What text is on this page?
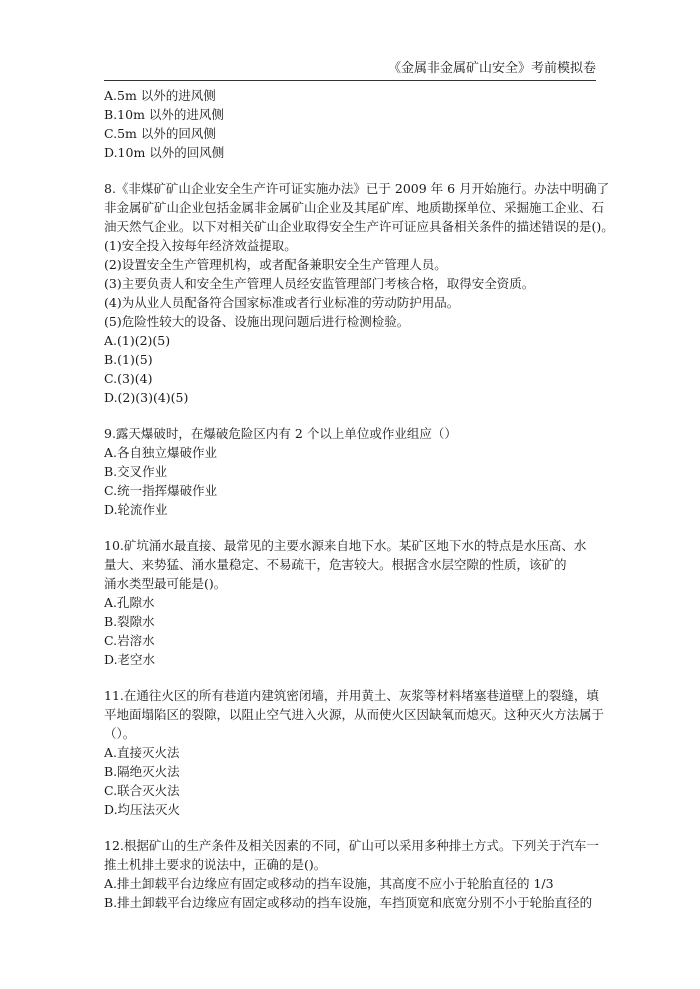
《金属非金属矿山安全》考前模拟卷
A.5m 以外的进风侧
B.10m 以外的进风侧
C.5m 以外的回风侧
D.10m 以外的回风侧
8.《非煤矿矿山企业安全生产许可证实施办法》已于 2009 年 6 月开始施行。办法中明确了
非金属矿矿山企业包括金属非金属矿山企业及其尾矿库、地质勘探单位、采掘施工企业、石
油天然气企业。以下对相关矿山企业取得安全生产许可证应具备相关条件的描述错误的是()。
(1)安全投入按每年经济效益提取。
(2)设置安全生产管理机构，或者配备兼职安全生产管理人员。
(3)主要负责人和安全生产管理人员经安监管理部门考核合格，取得安全资质。
(4)为从业人员配备符合国家标准或者行业标准的劳动防护用品。
(5)危险性较大的设备、设施出现问题后进行检测检验。
A.(1)(2)(5)
B.(1)(5)
C.(3)(4)
D.(2)(3)(4)(5)
9.露天爆破时，在爆破危险区内有 2 个以上单位或作业组应（）
A.各自独立爆破作业
B.交叉作业
C.统一指挥爆破作业
D.轮流作业
10.矿坑涌水最直接、最常见的主要水源来自地下水。某矿区地下水的特点是水压高、水
量大、来势猛、涌水量稳定、不易疏干，危害较大。根据含水层空隙的性质，该矿的
涌水类型最可能是()。
A.孔隙水
B.裂隙水
C.岩溶水
D.老空水
11.在通往火区的所有巷道内建筑密闭墙，并用黄土、灰浆等材料堵塞巷道壁上的裂缝，填
平地面塌陷区的裂隙，以阻止空气进入火源，从而使火区因缺氧而熄灭。这种灭火方法属于
（）。
A.直接灭火法
B.隔绝灭火法
C.联合灭火法
D.均压法灭火
12.根据矿山的生产条件及相关因素的不同，矿山可以采用多种排土方式。下列关于汽车一
推土机排土要求的说法中，正确的是()。
A.排土卸载平台边缘应有固定或移动的挡车设施，其高度不应小于轮胎直径的 1/3
B.排土卸载平台边缘应有固定或移动的挡车设施，车挡顶宽和底宽分别不小于轮胎直径的
